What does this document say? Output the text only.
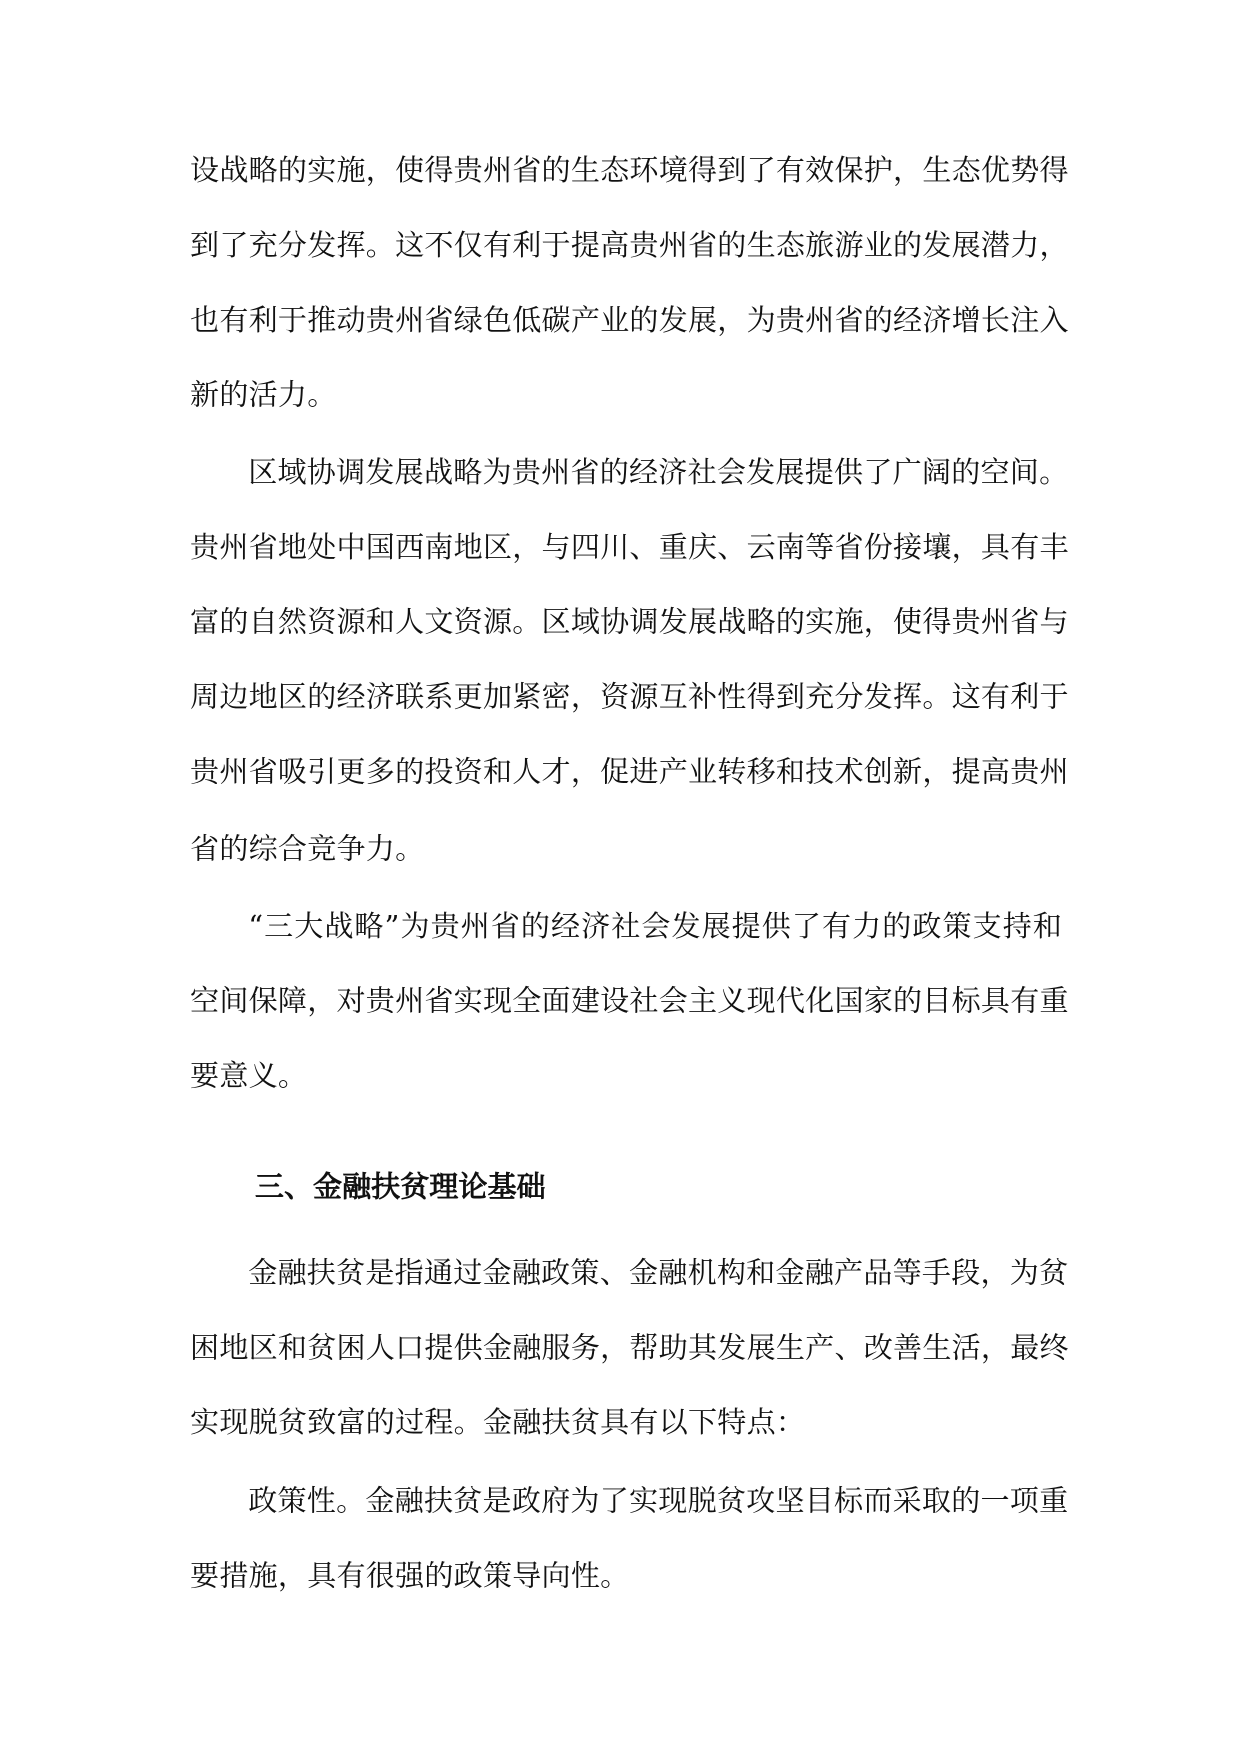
设战略的实施，使得贵州省的生态环境得到了有效保护，生态优势得
到了充分发挥。这不仅有利于提高贵州省的生态旅游业的发展潜力，
也有利于推动贵州省绿色低碳产业的发展，为贵州省的经济增长注入
新的活力。
区域协调发展战略为贵州省的经济社会发展提供了广阔的空间。
贵州省地处中国西南地区，与四川、重庆、云南等省份接壤，具有丰
富的自然资源和人文资源。区域协调发展战略的实施，使得贵州省与
周边地区的经济联系更加紧密，资源互补性得到充分发挥。这有利于
贵州省吸引更多的投资和人才，促进产业转移和技术创新，提高贵州
省的综合竞争力。
“三大战略”为贵州省的经济社会发展提供了有力的政策支持和
空间保障，对贵州省实现全面建设社会主义现代化国家的目标具有重
要意义。
三、金融扶贫理论基础
金融扶贫是指通过金融政策、金融机构和金融产品等手段，为贫
困地区和贫困人口提供金融服务，帮助其发展生产、改善生活，最终
实现脱贫致富的过程。金融扶贫具有以下特点：
政策性。金融扶贫是政府为了实现脱贫攻坚目标而采取的一项重
要措施，具有很强的政策导向性。
